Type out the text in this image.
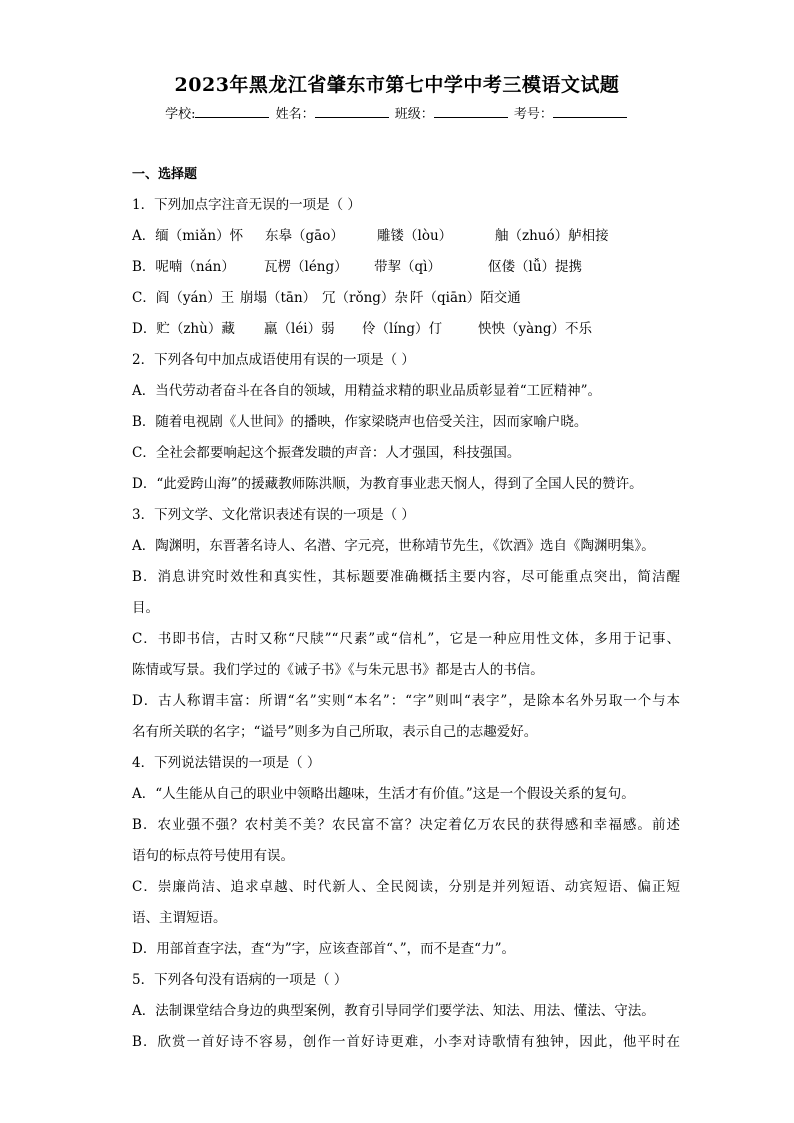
2023年黑龙江省肇东市第七中学中考三模语文试题
学校:	姓名：	班级：	考号：
一、选择题
1．下列加点字注音无误的一项是（ ）
A．缅（miǎn）怀 东皋（gāo） 雕镂（lòu）	舳（zhuó）舻相接
B．呢喃（nán） 瓦楞（léng） 带挈（qì）	伛偻（lǚ）提携
C．阎（yán）王 崩塌（tān） 冗（rǒng）杂 阡（qiān）陌交通
D．贮（zhù）藏 羸（léi）弱 伶（líng）仃	怏怏（yàng）不乐
2．下列各句中加点成语使用有误的一项是（ ）
A．当代劳动者奋斗在各自的领域，用精益求精的职业品质彰显着“工匠精神”。
B．随着电视剧《人世间》的播映，作家梁晓声也倍受关注，因而家喻户晓。
C．全社会都要响起这个振聋发聩的声音：人才强国，科技强国。
D．“此爱跨山海”的援藏教师陈洪顺，为教育事业悲天悯人，得到了全国人民的赞许。
3．下列文学、文化常识表述有误的一项是（ ）
A．陶渊明，东晋著名诗人、名潜、字元亮，世称靖节先生，《饮酒》选自《陶渊明集》。
B．消息讲究时效性和真实性，其标题要准确概括主要内容，尽可能重点突出，简洁醒
目。
C．书即书信，古时又称“尺牍”“尺素”或“信札”，它是一种应用性文体，多用于记事、
陈情或写景。我们学过的《诫子书》《与朱元思书》都是古人的书信。
D．古人称谓丰富：所谓“名”实则“本名”：“字”则叫“表字”，是除本名外另取一个与本
名有所关联的名字；“谥号”则多为自己所取，表示自己的志趣爱好。
4．下列说法错误的一项是（ ）
A．“人生能从自己的职业中领略出趣味，生活才有价值。”这是一个假设关系的复句。
B．农业强不强？农村美不美？农民富不富？决定着亿万农民的获得感和幸福感。前述
语句的标点符号使用有误。
C．崇廉尚洁、追求卓越、时代新人、全民阅读，分别是并列短语、动宾短语、偏正短
语、主谓短语。
D．用部首查字法，查“为”字，应该查部首“、”，而不是查“力”。
5．下列各句没有语病的一项是（ ）
A．法制课堂结合身边的典型案例，教育引导同学们要学法、知法、用法、懂法、守法。
B．欣赏一首好诗不容易，创作一首好诗更难，小李对诗歌情有独钟，因此，他平时在
